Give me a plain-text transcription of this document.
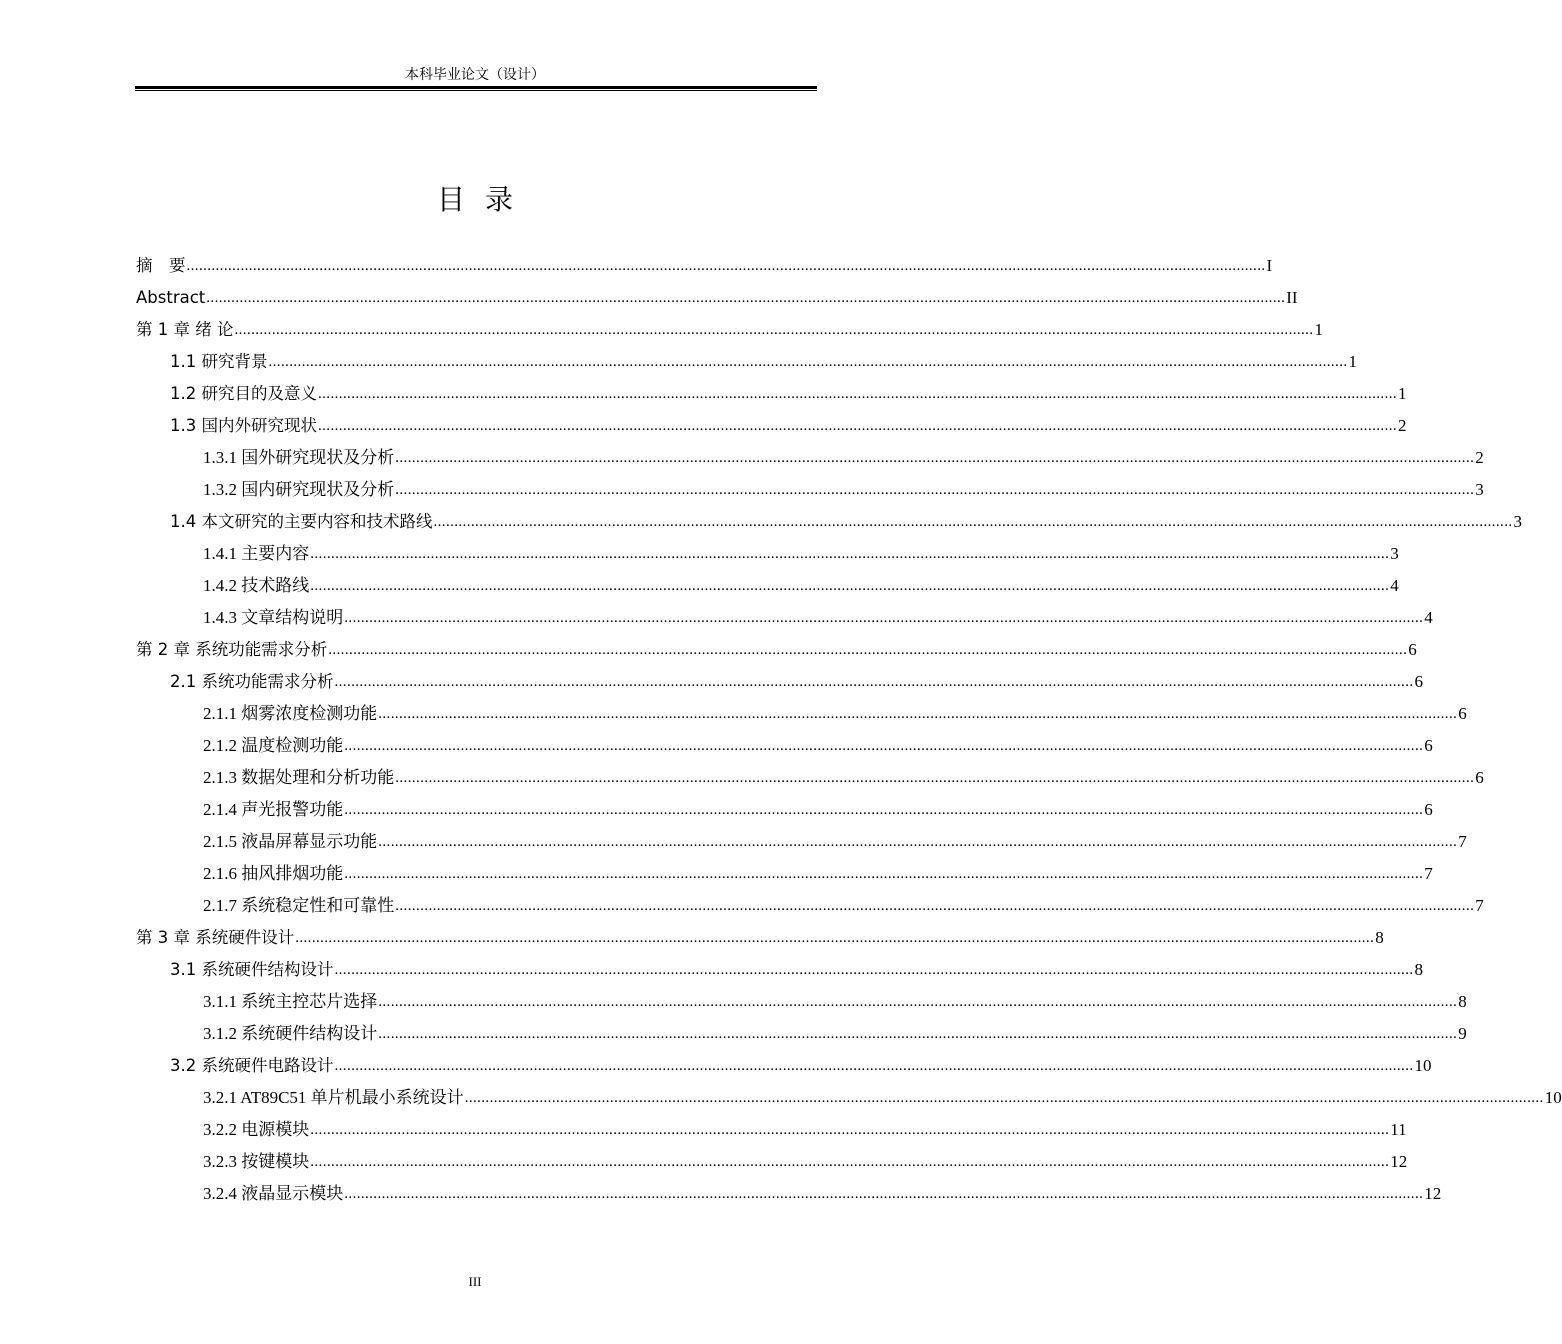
本科毕业论文（设计）
目录
摘　要 .................................................................................................................................................................................................................................................................... I
Abstract .................................................................................................................................................................................................................................................................... II
第 1 章 绪 论 .................................................................................................................................................................................................................................................................... 1
1.1 研究背景 .................................................................................................................................................................................................................................................................... 1
1.2 研究目的及意义 .................................................................................................................................................................................................................................................................... 1
1.3 国内外研究现状 .................................................................................................................................................................................................................................................................... 2
1.3.1 国外研究现状及分析 .................................................................................................................................................................................................................................................................... 2
1.3.2 国内研究现状及分析 .................................................................................................................................................................................................................................................................... 3
1.4 本文研究的主要内容和技术路线 .................................................................................................................................................................................................................................................................... 3
1.4.1 主要内容 .................................................................................................................................................................................................................................................................... 3
1.4.2 技术路线 .................................................................................................................................................................................................................................................................... 4
1.4.3 文章结构说明 .................................................................................................................................................................................................................................................................... 4
第 2 章 系统功能需求分析 .................................................................................................................................................................................................................................................................... 6
2.1 系统功能需求分析 .................................................................................................................................................................................................................................................................... 6
2.1.1 烟雾浓度检测功能 .................................................................................................................................................................................................................................................................... 6
2.1.2 温度检测功能 .................................................................................................................................................................................................................................................................... 6
2.1.3 数据处理和分析功能 .................................................................................................................................................................................................................................................................... 6
2.1.4 声光报警功能 .................................................................................................................................................................................................................................................................... 6
2.1.5 液晶屏幕显示功能 .................................................................................................................................................................................................................................................................... 7
2.1.6 抽风排烟功能 .................................................................................................................................................................................................................................................................... 7
2.1.7 系统稳定性和可靠性 .................................................................................................................................................................................................................................................................... 7
第 3 章 系统硬件设计 .................................................................................................................................................................................................................................................................... 8
3.1 系统硬件结构设计 .................................................................................................................................................................................................................................................................... 8
3.1.1 系统主控芯片选择 .................................................................................................................................................................................................................................................................... 8
3.1.2 系统硬件结构设计 .................................................................................................................................................................................................................................................................... 9
3.2 系统硬件电路设计 .................................................................................................................................................................................................................................................................... 10
3.2.1 AT89C51 单片机最小系统设计 .................................................................................................................................................................................................................................................................... 10
3.2.2 电源模块 .................................................................................................................................................................................................................................................................... 11
3.2.3 按键模块 .................................................................................................................................................................................................................................................................... 12
3.2.4 液晶显示模块 .................................................................................................................................................................................................................................................................... 12
III
